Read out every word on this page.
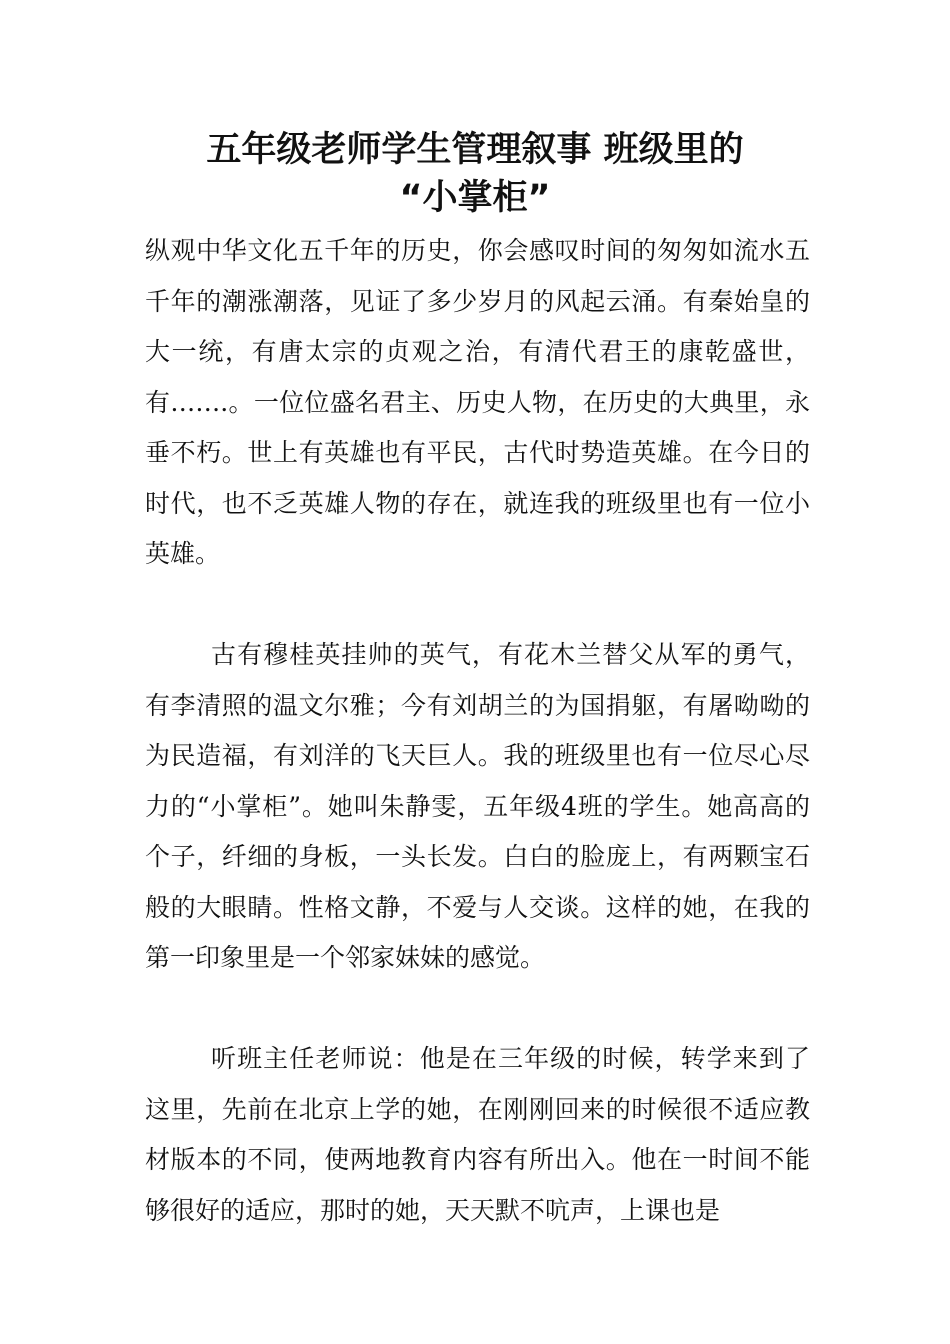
五年级老师学生管理叙事 班级里的
“小掌柜”

纵观中华文化五千年的历史，你会感叹时间的匆匆如流水五千年的潮涨潮落，见证了多少岁月的风起云涌。有秦始皇的大一统，有唐太宗的贞观之治，有清代君王的康乾盛世，有…….。一位位盛名君主、历史人物，在历史的大典里，永垂不朽。世上有英雄也有平民，古代时势造英雄。在今日的时代，也不乏英雄人物的存在，就连我的班级里也有一位小英雄。

古有穆桂英挂帅的英气，有花木兰替父从军的勇气，有李清照的温文尔雅；今有刘胡兰的为国捐躯，有屠呦呦的为民造福，有刘洋的飞天巨人。我的班级里也有一位尽心尽力的“小掌柜”。她叫朱静雯，五年级4班的学生。她高高的个子，纤细的身板，一头长发。白白的脸庞上，有两颗宝石般的大眼睛。性格文静，不爱与人交谈。这样的她，在我的第一印象里是一个邻家妹妹的感觉。

听班主任老师说：他是在三年级的时候，转学来到了这里，先前在北京上学的她，在刚刚回来的时候很不适应教材版本的不同，使两地教育内容有所出入。他在一时间不能够很好的适应，那时的她，天天默不吭声，上课也是
